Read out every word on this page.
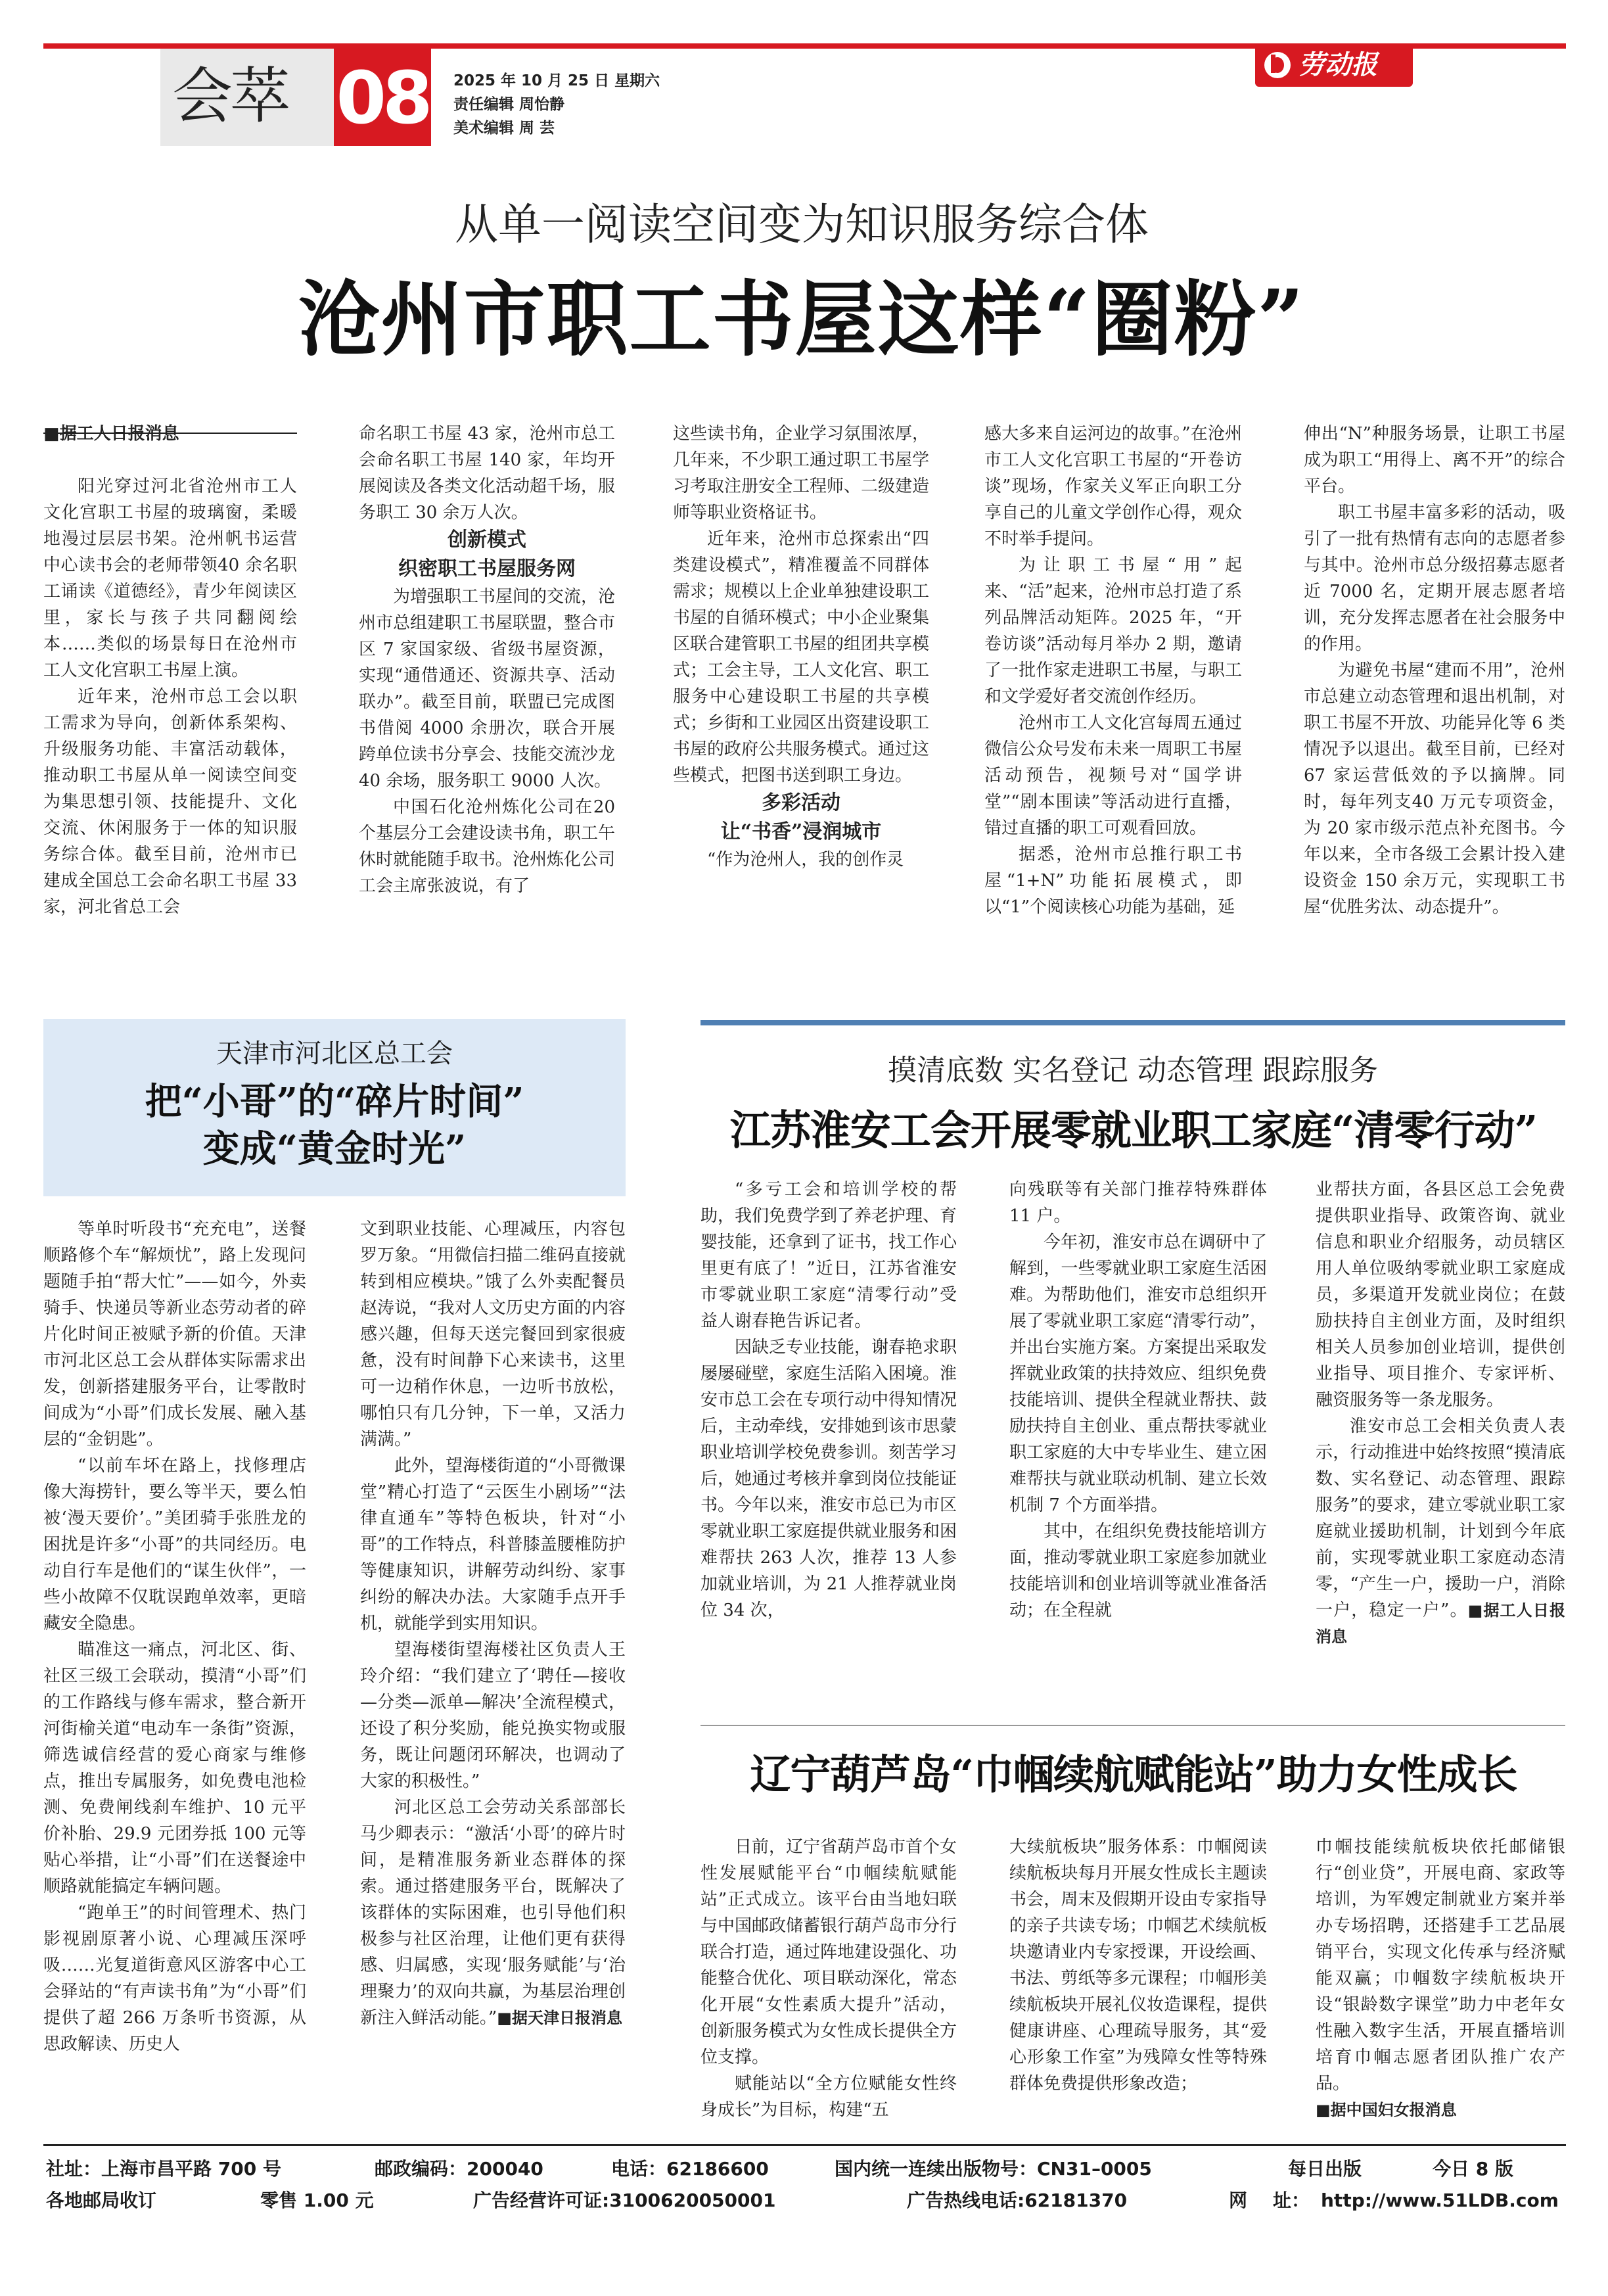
会萃 08 2025 年 10 月 25 日 星期六
责任编辑 周怡静
美术编辑 周 芸
劳动报
从单一阅读空间变为知识服务综合体
沧州市职工书屋这样“圈粉”

■据工人日报消息

阳光穿过河北省沧州市工人文化宫职工书屋的玻璃窗，柔暖地漫过层层书架。沧州帆书运营中心读书会的老师带领40 余名职工诵读《道德经》，青少年阅读区里，家长与孩子共同翻阅绘本……类似的场景每日在沧州市工人文化宫职工书屋上演。

近年来，沧州市总工会以职工需求为导向，创新体系架构、升级服务功能、丰富活动载体，推动职工书屋从单一阅读空间变为集思想引领、技能提升、文化交流、休闲服务于一体的知识服务综合体。截至目前，沧州市已建成全国总工会命名职工书屋 33 家，河北省总工会

命名职工书屋 43 家，沧州市总工会命名职工书屋 140 家，年均开展阅读及各类文化活动超千场，服务职工 30 余万人次。

创新模式

织密职工书屋服务网

为增强职工书屋间的交流，沧州市总组建职工书屋联盟，整合市区 7 家国家级、省级书屋资源，实现“通借通还、资源共享、活动联办”。截至目前，联盟已完成图书借阅 4000 余册次，联合开展跨单位读书分享会、技能交流沙龙 40 余场，服务职工 9000 人次。

中国石化沧州炼化公司在20 个基层分工会建设读书角，职工午休时就能随手取书。沧州炼化公司工会主席张波说，有了

这些读书角，企业学习氛围浓厚，几年来，不少职工通过职工书屋学习考取注册安全工程师、二级建造师等职业资格证书。

近年来，沧州市总探索出“四类建设模式”，精准覆盖不同群体需求；规模以上企业单独建设职工书屋的自循环模式；中小企业聚集区联合建管职工书屋的组团共享模式；工会主导，工人文化宫、职工服务中心建设职工书屋的共享模式；乡街和工业园区出资建设职工书屋的政府公共服务模式。通过这些模式，把图书送到职工身边。

多彩活动

让“书香”浸润城市

“作为沧州人，我的创作灵

感大多来自运河边的故事。”在沧州市工人文化宫职工书屋的“开卷访谈”现场，作家关义军正向职工分享自己的儿童文学创作心得，观众不时举手提问。

为让职工书屋“用”起来、“活”起来，沧州市总打造了系列品牌活动矩阵。2025 年，“开卷访谈”活动每月举办 2 期，邀请了一批作家走进职工书屋，与职工和文学爱好者交流创作经历。

沧州市工人文化宫每周五通过微信公众号发布未来一周职工书屋活动预告，视频号对“国学讲堂”“剧本围读”等活动进行直播，错过直播的职工可观看回放。

据悉，沧州市总推行职工书屋“1+N”功能拓展模式，即以“1”个阅读核心功能为基础，延

伸出“N”种服务场景，让职工书屋成为职工“用得上、离不开”的综合平台。

职工书屋丰富多彩的活动，吸引了一批有热情有志向的志愿者参与其中。沧州市总分级招募志愿者近 7000 名，定期开展志愿者培训，充分发挥志愿者在社会服务中的作用。

为避免书屋“建而不用”，沧州市总建立动态管理和退出机制，对职工书屋不开放、功能异化等 6 类情况予以退出。截至目前，已经对 67 家运营低效的予以摘牌。同时，每年列支40 万元专项资金，为 20 家市级示范点补充图书。今年以来，全市各级工会累计投入建设资金 150 余万元，实现职工书屋“优胜劣汰、动态提升”。

天津市河北区总工会
把“小哥”的“碎片时间”
变成“黄金时光”

等单时听段书“充充电”，送餐顺路修个车“解烦忧”，路上发现问题随手拍“帮大忙”——如今，外卖骑手、快递员等新业态劳动者的碎片化时间正被赋予新的价值。天津市河北区总工会从群体实际需求出发，创新搭建服务平台，让零散时间成为“小哥”们成长发展、融入基层的“金钥匙”。

“以前车坏在路上，找修理店像大海捞针，要么等半天，要么怕被‘漫天要价’。”美团骑手张胜龙的困扰是许多“小哥”的共同经历。电动自行车是他们的“谋生伙伴”，一些小故障不仅耽误跑单效率，更暗藏安全隐患。

瞄准这一痛点，河北区、街、社区三级工会联动，摸清“小哥”们的工作路线与修车需求，整合新开河街榆关道“电动车一条街”资源，筛选诚信经营的爱心商家与维修点，推出专属服务，如免费电池检测、免费闸线刹车维护、10 元平价补胎、29.9 元团券抵 100 元等贴心举措，让“小哥”们在送餐途中顺路就能搞定车辆问题。

“跑单王”的时间管理术、热门影视剧原著小说、心理减压深呼吸……光复道街意风区游客中心工会驿站的“有声读书角”为“小哥”们提供了超 266 万条听书资源，从思政解读、历史人

文到职业技能、心理减压，内容包罗万象。“用微信扫描二维码直接就转到相应模块。”饿了么外卖配餐员赵涛说，“我对人文历史方面的内容感兴趣，但每天送完餐回到家很疲惫，没有时间静下心来读书，这里可一边稍作休息，一边听书放松，哪怕只有几分钟，下一单，又活力满满。”

此外，望海楼街道的“小哥微课堂”精心打造了“云医生小剧场”“法律直通车”等特色板块，针对“小哥”的工作特点，科普膝盖腰椎防护等健康知识，讲解劳动纠纷、家事纠纷的解决办法。大家随手点开手机，就能学到实用知识。

望海楼街望海楼社区负责人王玲介绍：“我们建立了‘聘任—接收—分类—派单—解决’全流程模式，还设了积分奖励，能兑换实物或服务，既让问题闭环解决，也调动了大家的积极性。”

河北区总工会劳动关系部部长马少卿表示：“激活‘小哥’的碎片时间，是精准服务新业态群体的探索。通过搭建服务平台，既解决了该群体的实际困难，也引导他们积极参与社区治理，让他们更有获得感、归属感，实现‘服务赋能’与‘治理聚力’的双向共赢，为基层治理创新注入鲜活动能。”■据天津日报消息

摸清底数 实名登记 动态管理 跟踪服务
江苏淮安工会开展零就业职工家庭“清零行动”

“多亏工会和培训学校的帮助，我们免费学到了养老护理、育婴技能，还拿到了证书，找工作心里更有底了！”近日，江苏省淮安市零就业职工家庭“清零行动”受益人谢春艳告诉记者。

因缺乏专业技能，谢春艳求职屡屡碰壁，家庭生活陷入困境。淮安市总工会在专项行动中得知情况后，主动牵线，安排她到该市思蒙职业培训学校免费参训。刻苦学习后，她通过考核并拿到岗位技能证书。今年以来，淮安市总已为市区零就业职工家庭提供就业服务和困难帮扶 263 人次，推荐 13 人参加就业培训，为 21 人推荐就业岗位 34 次，

向残联等有关部门推荐特殊群体 11 户。

今年初，淮安市总在调研中了解到，一些零就业职工家庭生活困难。为帮助他们，淮安市总组织开展了零就业职工家庭“清零行动”，并出台实施方案。方案提出采取发挥就业政策的扶持效应、组织免费技能培训、提供全程就业帮扶、鼓励扶持自主创业、重点帮扶零就业职工家庭的大中专毕业生、建立困难帮扶与就业联动机制、建立长效机制 7 个方面举措。

其中，在组织免费技能培训方面，推动零就业职工家庭参加就业技能培训和创业培训等就业准备活动；在全程就

业帮扶方面，各县区总工会免费提供职业指导、政策咨询、就业信息和职业介绍服务，动员辖区用人单位吸纳零就业职工家庭成员，多渠道开发就业岗位；在鼓励扶持自主创业方面，及时组织相关人员参加创业培训，提供创业指导、项目推介、专家评析、融资服务等一条龙服务。

淮安市总工会相关负责人表示，行动推进中始终按照“摸清底数、实名登记、动态管理、跟踪服务”的要求，建立零就业职工家庭就业援助机制，计划到今年底前，实现零就业职工家庭动态清零，“产生一户，援助一户，消除一户，稳定一户”。■据工人日报消息

辽宁葫芦岛“巾帼续航赋能站”助力女性成长

日前，辽宁省葫芦岛市首个女性发展赋能平台“巾帼续航赋能站”正式成立。该平台由当地妇联与中国邮政储蓄银行葫芦岛市分行联合打造，通过阵地建设强化、功能整合优化、项目联动深化，常态化开展“女性素质大提升”活动，创新服务模式为女性成长提供全方位支撑。

赋能站以“全方位赋能女性终身成长”为目标，构建“五

大续航板块”服务体系：巾帼阅读续航板块每月开展女性成长主题读书会，周末及假期开设由专家指导的亲子共读专场；巾帼艺术续航板块邀请业内专家授课，开设绘画、书法、剪纸等多元课程；巾帼形美续航板块开展礼仪妆造课程，提供健康讲座、心理疏导服务，其“爱心形象工作室”为残障女性等特殊群体免费提供形象改造；

巾帼技能续航板块依托邮储银行“创业贷”，开展电商、家政等培训，为军嫂定制就业方案并举办专场招聘，还搭建手工艺品展销平台，实现文化传承与经济赋能双赢；巾帼数字续航板块开设“银龄数字课堂”助力中老年女性融入数字生活，开展直播培训培育巾帼志愿者团队推广农产品。

■据中国妇女报消息

社址：上海市昌平路 700 号	邮政编码：200040	电话：62186600	国内统一连续出版物号：CN31–0005	每日出版	今日 8 版
各地邮局收订	零售 1.00 元	广告经营许可证:3100620050001	广告热线电话:62181370	网    址： http://www.51LDB.com
